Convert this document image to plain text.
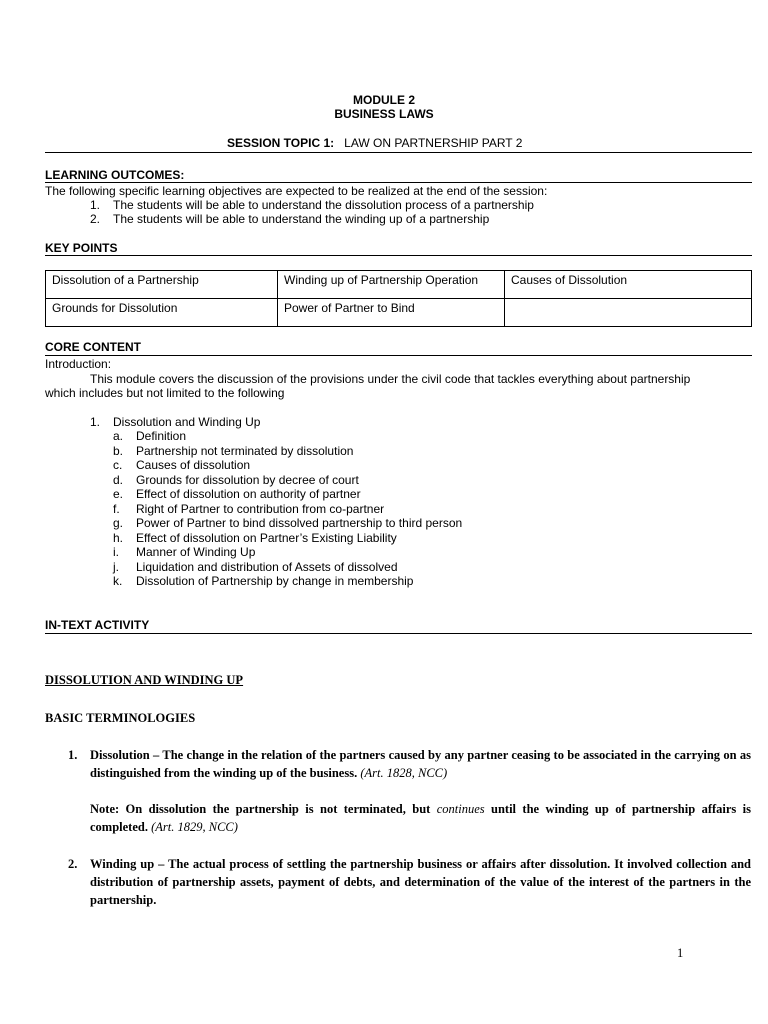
MODULE 2
BUSINESS LAWS
SESSION TOPIC 1: LAW ON PARTNERSHIP PART 2
LEARNING OUTCOMES:
The following specific learning objectives are expected to be realized at the end of the session:
1. The students will be able to understand the dissolution process of a partnership
2. The students will be able to understand the winding up of a partnership
KEY POINTS
Dissolution of a Partnership	Winding up of Partnership Operation	Causes of Dissolution
Grounds for Dissolution	Power of Partner to Bind	
CORE CONTENT
Introduction:
This module covers the discussion of the provisions under the civil code that tackles everything about partnership
which includes but not limited to the following
1. Dissolution and Winding Up
a. Definition
b. Partnership not terminated by dissolution
c. Causes of dissolution
d. Grounds for dissolution by decree of court
e. Effect of dissolution on authority of partner
f. Right of Partner to contribution from co-partner
g. Power of Partner to bind dissolved partnership to third person
h. Effect of dissolution on Partner’s Existing Liability
i. Manner of Winding Up
j. Liquidation and distribution of Assets of dissolved
k. Dissolution of Partnership by change in membership
IN-TEXT ACTIVITY
DISSOLUTION AND WINDING UP
BASIC TERMINOLOGIES
1. Dissolution – The change in the relation of the partners caused by any partner ceasing to be associated in the carrying on as distinguished from the winding up of the business. (Art. 1828, NCC)
Note: On dissolution the partnership is not terminated, but continues until the winding up of partnership affairs is completed. (Art. 1829, NCC)
2. Winding up – The actual process of settling the partnership business or affairs after dissolution. It involved collection and distribution of partnership assets, payment of debts, and determination of the value of the interest of the partners in the partnership.
1
